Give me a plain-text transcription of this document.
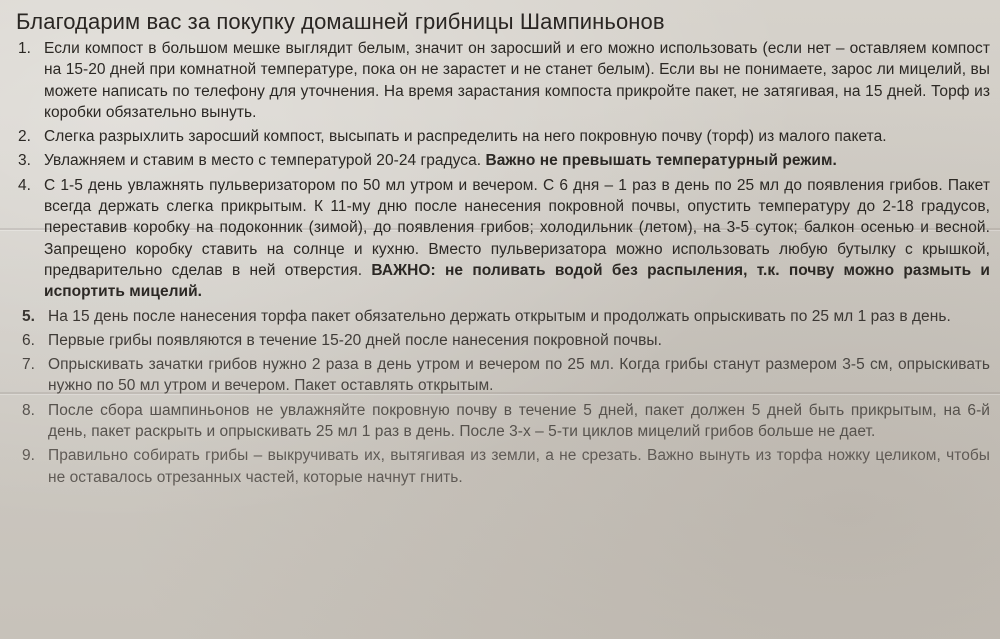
Благодарим вас за покупку домашней грибницы Шампиньонов
1. Если компост в большом мешке выглядит белым, значит он заросший и его можно использовать (если нет – оставляем компост на 15-20 дней при комнатной температуре, пока он не зарастет и не станет белым). Если вы не понимаете, зарос ли мицелий, вы можете написать по телефону для уточнения. На время зарастания компоста прикройте пакет, не затягивая, на 15 дней. Торф из коробки обязательно вынуть.
2. Слегка разрыхлить заросший компост, высыпать и распределить на него покровную почву (торф) из малого пакета.
3. Увлажняем и ставим в место с температурой 20-24 градуса. Важно не превышать температурный режим.
4. С 1-5 день увлажнять пульверизатором по 50 мл утром и вечером. С 6 дня – 1 раз в день по 25 мл до появления грибов. Пакет всегда держать слегка прикрытым. К 11-му дню после нанесения покровной почвы, опустить температуру до 2-18 градусов, переставив коробку на подоконник (зимой), до появления грибов; холодильник (летом), на 3-5 суток; балкон осенью и весной. Запрещено коробку ставить на солнце и кухню. Вместо пульверизатора можно использовать любую бутылку с крышкой, предварительно сделав в ней отверстия. ВАЖНО: не поливать водой без распыления, т.к. почву можно размыть и испортить мицелий.
5. На 15 день после нанесения торфа пакет обязательно держать открытым и продолжать опрыскивать по 25 мл 1 раз в день.
6. Первые грибы появляются в течение 15-20 дней после нанесения покровной почвы.
7. Опрыскивать зачатки грибов нужно 2 раза в день утром и вечером по 25 мл. Когда грибы станут размером 3-5 см, опрыскивать нужно по 50 мл утром и вечером. Пакет оставлять открытым.
8. После сбора шампиньонов не увлажняйте покровную почву в течение 5 дней, пакет должен 5 дней быть прикрытым, на 6-й день, пакет раскрыть и опрыскивать 25 мл 1 раз в день. После 3-х – 5-ти циклов мицелий грибов больше не дает.
9. Правильно собирать грибы – выкручивать их, вытягивая из земли, а не срезать. Важно вынуть из торфа ножку целиком, чтобы не оставалось отрезанных частей, которые начнут гнить.
